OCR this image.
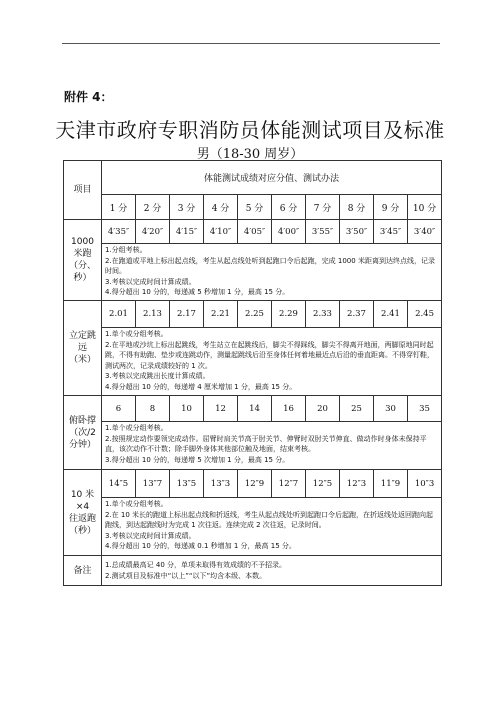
附件 4：
天津市政府专职消防员体能测试项目及标准
男（18-30 周岁）
项目	体能测试成绩对应分值、测试办法									
	1 分	2 分	3 分	4 分	5 分	6 分	7 分	8 分	9 分	10 分

1000
米跑
（分、
秒）	4′35″	4′20″	4′15″	4′10″	4′05″	4′00″	3′55″	3′50″	3′45″	3′40″

	1.分组考核。
2.在跑道或平地上标出起点线，考生从起点线处听到起跑口令后起跑，完成 1000 米距离到达终点线，记录时间。
3.考核以完成时间计算成绩。
4.得分超出 10 分的，每递减 5 秒增加 1 分，最高 15 分。									

立定跳
远
（米）	2.01	2.13	2.17	2.21	2.25	2.29	2.33	2.37	2.41	2.45

	1.单个或分组考核。
2.在平地或沙坑上标出起跳线，考生站立在起跳线后，脚尖不得踩线，脚尖不得离开地面，两脚原地同时起跳，不得有助跑、垫步或连跳动作，测量起跳线后沿至身体任何着地最近点后沿的垂直距离。不得穿钉鞋，测试两次，记录成绩较好的 1 次。
3.考核以完成跳出长度计算成绩。
4.得分超出 10 分的，每递增 4 厘米增加 1 分，最高 15 分。									

俯卧撑
（次/2
分钟）	6	8	10	12	14	16	20	25	30	35

	1.单个或分组考核。
2.按照规定动作要领完成动作。屈臂时肩关节高于肘关节、伸臂时双肘关节伸直、做动作时身体未保持平直，该次动作不计数；除手脚外身体其他部位触及地面，结束考核。
3.得分超出 10 分的，每递增 5 次增加 1 分，最高 15 分。									

10 米
×4
往返跑
（秒）	14″5	13″7	13″5	13″3	12″9	12″7	12″5	12″3	11″9	10″3

	1.单个或分组考核。
2.在 10 米长的跑道上标出起点线和折返线，考生从起点线处听到起跑口令后起跑，在折返线处返回跑向起跑线，到达起跑线时为完成 1 次往返。连续完成 2 次往返，记录时间。
3.考核以完成时间计算成绩。
4.得分超出 10 分的，每递减 0.1 秒增加 1 分，最高 15 分。									

备注	1.总成绩最高记 40 分，单项未取得有效成绩的不予招录。
2.测试项目及标准中“以上”“以下”均含本级、本数。									
